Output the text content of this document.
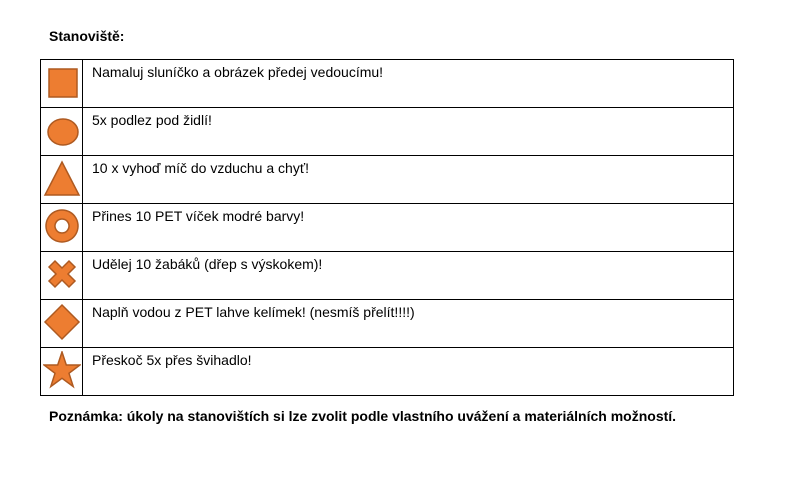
Stanoviště:
	Namaluj sluníčko a obrázek předej vedoucímu!

	5x podlez pod židlí!

	10 x vyhoď míč do vzduchu a chyť!

	Přines 10 PET víček modré barvy!

	Udělej 10 žabáků (dřep s výskokem)!

	Naplň vodou z PET lahve kelímek! (nesmíš přelít!!!!)

	Přeskoč 5x přes švihadlo!
Poznámka: úkoly na stanovištích si lze zvolit podle vlastního uvážení a materiálních možností.
